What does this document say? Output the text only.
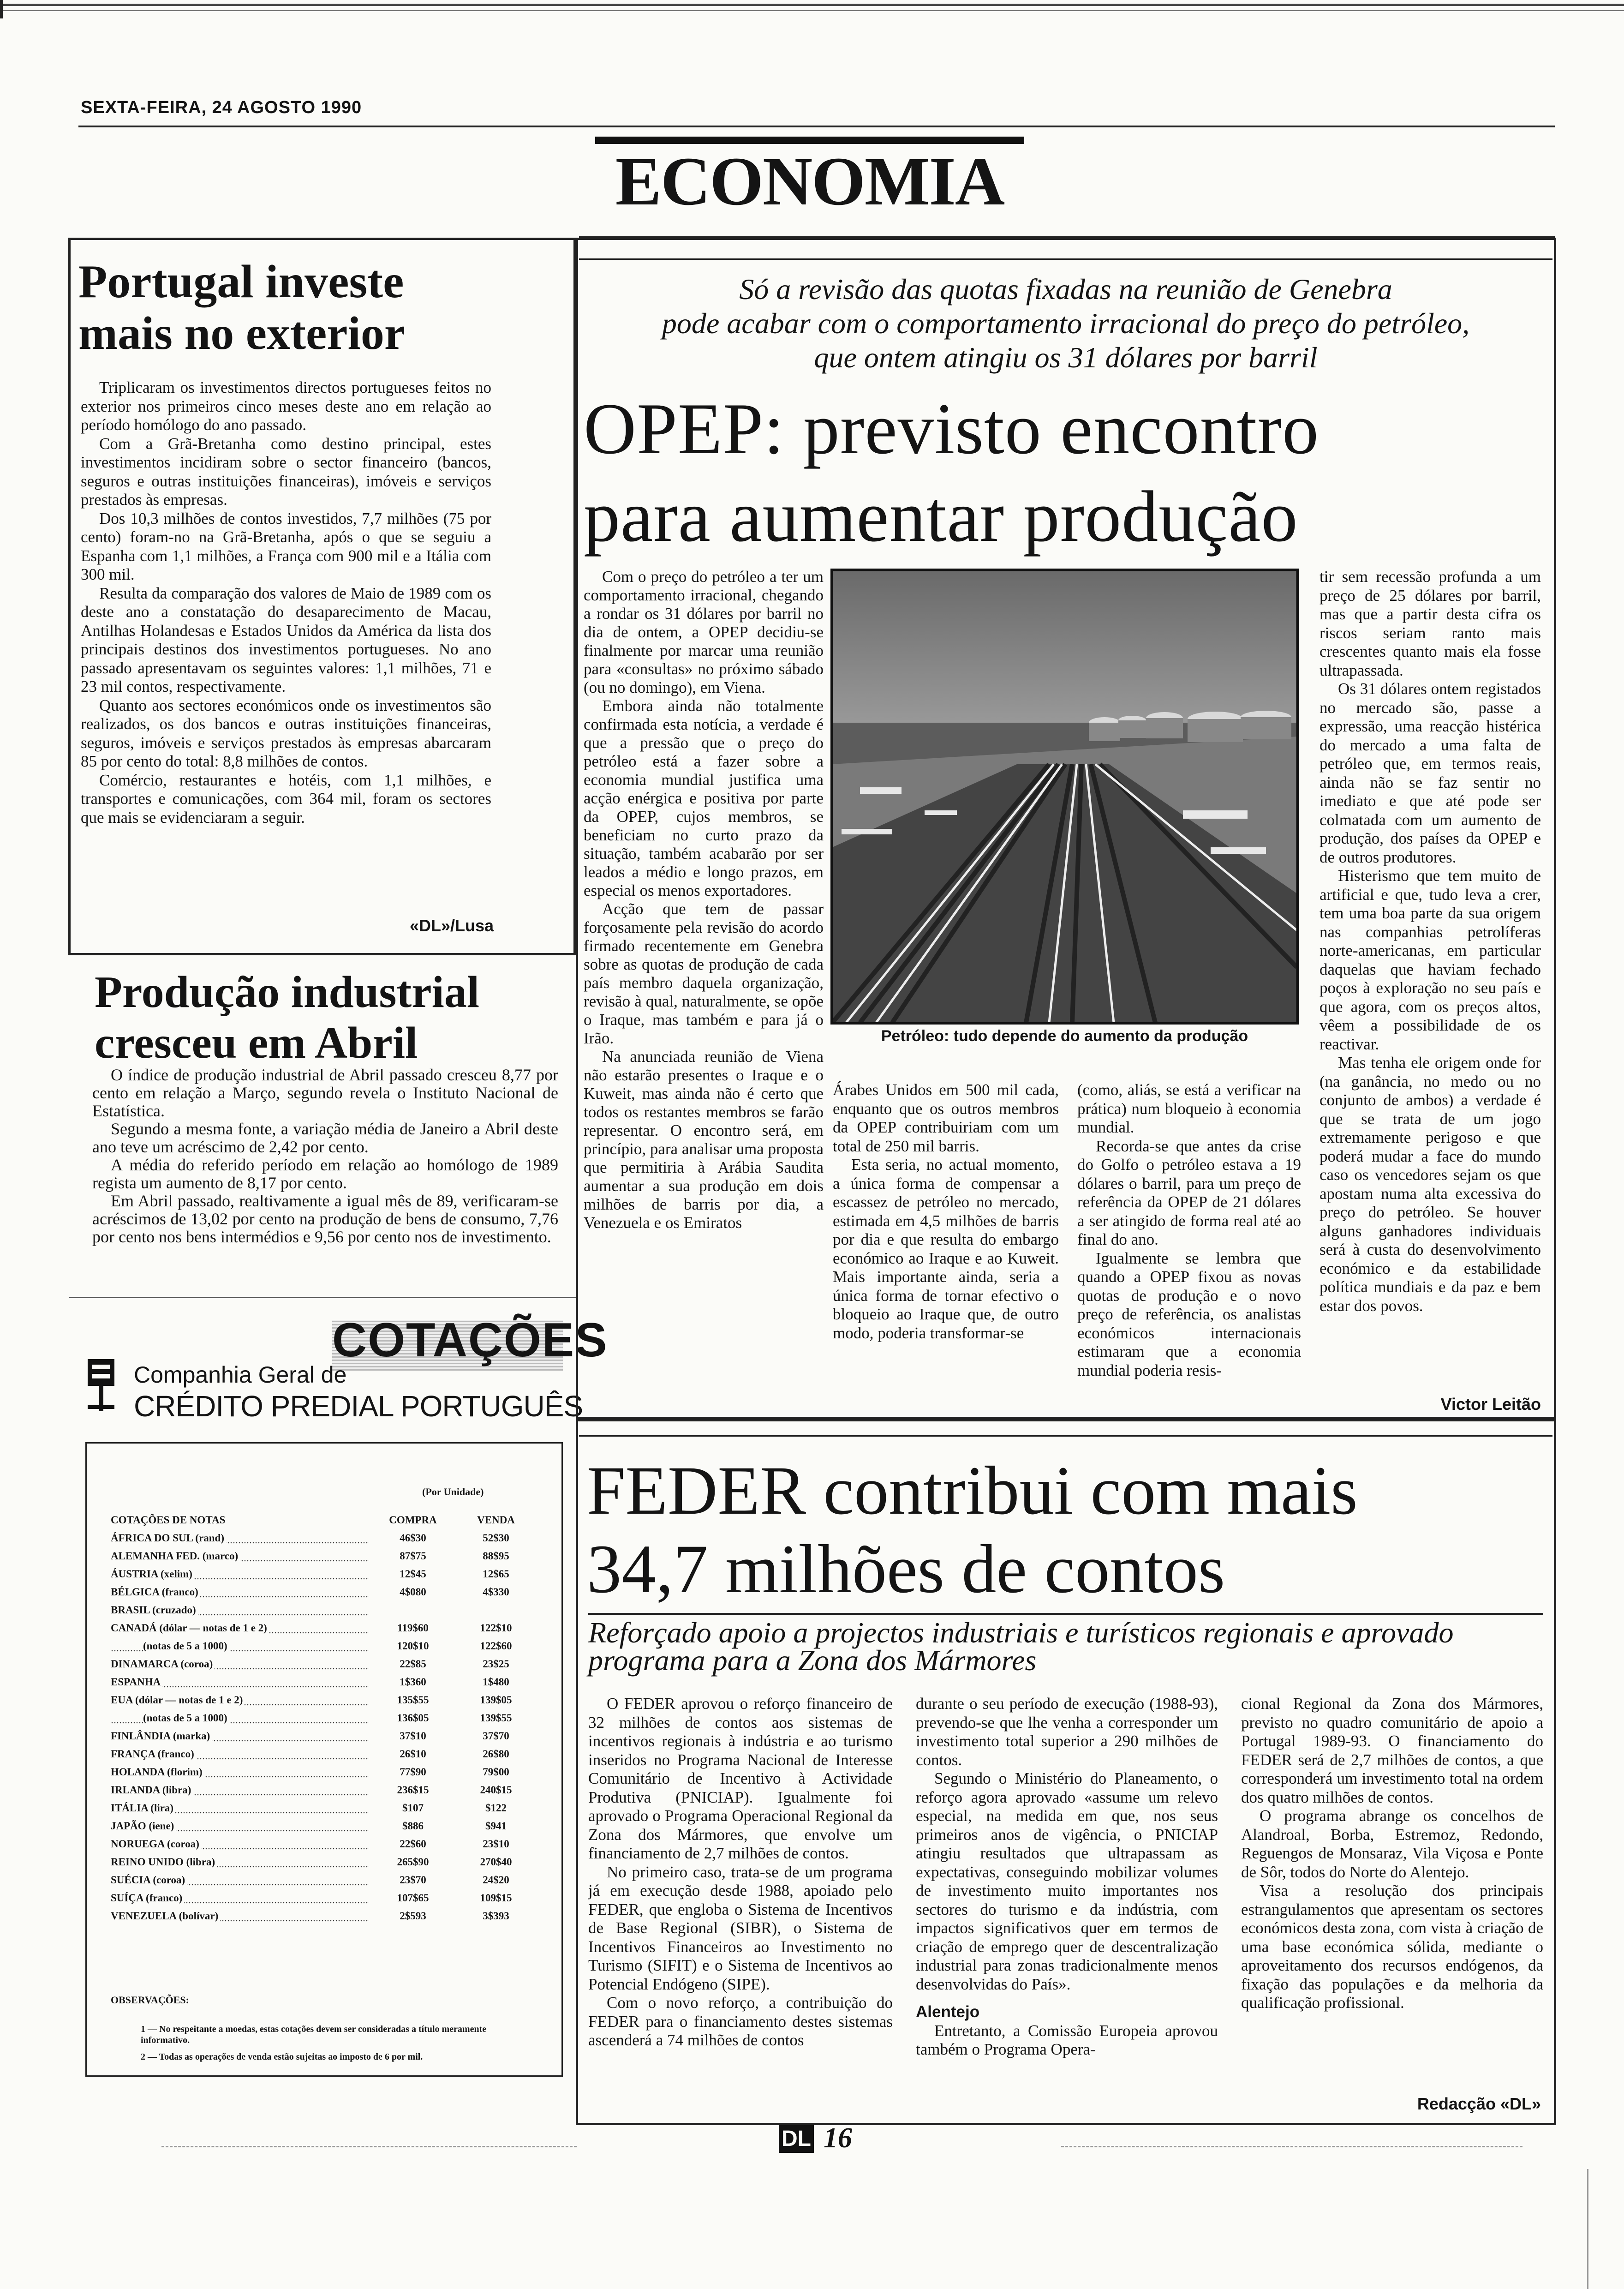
SEXTA-FEIRA, 24 AGOSTO 1990
ECONOMIA
Portugal investe
mais no exterior

Triplicaram os investimentos directos portugueses feitos no exterior nos primeiros cinco meses deste ano em relação ao período homólogo do ano passado.

Com a Grã-Bretanha como destino principal, estes investimentos incidiram sobre o sector financeiro (bancos, seguros e outras instituições financeiras), imóveis e serviços prestados às empresas.

Dos 10,3 milhões de contos investidos, 7,7 milhões (75 por cento) foram-no na Grã-Bretanha, após o que se seguiu a Espanha com 1,1 milhões, a França com 900 mil e a Itália com 300 mil.

Resulta da comparação dos valores de Maio de 1989 com os deste ano a constatação do desaparecimento de Macau, Antilhas Holandesas e Estados Unidos da América da lista dos principais destinos dos investimentos portugueses. No ano passado apresentavam os seguintes valores: 1,1 milhões, 71 e 23 mil contos, respectivamente.

Quanto aos sectores económicos onde os investimentos são realizados, os dos bancos e outras instituições financeiras, seguros, imóveis e serviços prestados às empresas abarcaram 85 por cento do total: 8,8 milhões de contos.

Comércio, restaurantes e hotéis, com 1,1 milhões, e transportes e comunicações, com 364 mil, foram os sectores que mais se evidenciaram a seguir.

«DL»/Lusa
Produção industrial
cresceu em Abril

O índice de produção industrial de Abril passado cresceu 8,77 por cento em relação a Março, segundo revela o Instituto Nacional de Estatística.

Segundo a mesma fonte, a variação média de Janeiro a Abril deste ano teve um acréscimo de 2,42 por cento.

A média do referido período em relação ao homólogo de 1989 regista um aumento de 8,17 por cento.

Em Abril passado, realtivamente a igual mês de 89, verificaram-se acréscimos de 13,02 por cento na produção de bens de consumo, 7,76 por cento nos bens intermédios e 9,56 por cento nos de investimento.

COTAÇÕES
Companhia Geral de
CRÉDITO PREDIAL PORTUGUÊS
(Por Unidade)
COTAÇÕES DE NOTAS	COMPRA	VENDA
ÁFRICA DO SUL (rand)	46$30	52$30
ALEMANHA FED. (marco)	87$75	88$95
ÁUSTRIA (xelim)	12$45	12$65
BÉLGICA (franco)	4$080	4$330
BRASIL (cruzado)		
CANADÁ (dólar — notas de 1 e 2)	119$60	122$10
(notas de 5 a 1000)	120$10	122$60
DINAMARCA (coroa)	22$85	23$25
ESPANHA	1$360	1$480
EUA (dólar — notas de 1 e 2)	135$55	139$05
(notas de 5 a 1000)	136$05	139$55
FINLÂNDIA (marka)	37$10	37$70
FRANÇA (franco)	26$10	26$80
HOLANDA (florim)	77$90	79$00
IRLANDA (libra)	236$15	240$15
ITÁLIA (lira)	$107	$122
JAPÃO (iene)	$886	$941
NORUEGA (coroa)	22$60	23$10
REINO UNIDO (libra)	265$90	270$40
SUÉCIA (coroa)	23$70	24$20
SUÍÇA (franco)	107$65	109$15
VENEZUELA (bolívar)	2$593	3$393
OBSERVAÇÕES:
1 — No respeitante a moedas, estas cotações devem ser consideradas a título meramente informativo.
2 — Todas as operações de venda estão sujeitas ao imposto de 6 por mil.
Só a revisão das quotas fixadas na reunião de Genebra
pode acabar com o comportamento irracional do preço do petróleo,
que ontem atingiu os 31 dólares por barril
OPEP: previsto encontro
para aumentar produção

Com o preço do petróleo a ter um comportamento irracional, chegando a rondar os 31 dólares por barril no dia de ontem, a OPEP decidiu-se finalmente por marcar uma reunião para «consultas» no próximo sábado (ou no domingo), em Viena.

Embora ainda não totalmente confirmada esta notícia, a verdade é que a pressão que o preço do petróleo está a fazer sobre a economia mundial justifica uma acção enérgica e positiva por parte da OPEP, cujos membros, se beneficiam no curto prazo da situação, também acabarão por ser leados a médio e longo prazos, em especial os menos exportadores.

Acção que tem de passar forçosamente pela revisão do acordo firmado recentemente em Genebra sobre as quotas de produção de cada país membro daquela organização, revisão à qual, naturalmente, se opõe o Iraque, mas também e para já o Irão.

Na anunciada reunião de Viena não estarão presentes o Iraque e o Kuweit, mas ainda não é certo que todos os restantes membros se farão representar. O encontro será, em princípio, para analisar uma proposta que permitiria à Arábia Saudita aumentar a sua produção em dois milhões de barris por dia, a Venezuela e os Emiratos

Petróleo: tudo depende do aumento da produção

Árabes Unidos em 500 mil cada, enquanto que os outros membros da OPEP contribuiriam com um total de 250 mil barris.

Esta seria, no actual momento, a única forma de compensar a escassez de petróleo no mercado, estimada em 4,5 milhões de barris por dia e que resulta do embargo económico ao Iraque e ao Kuweit. Mais importante ainda, seria a única forma de tornar efectivo o bloqueio ao Iraque que, de outro modo, poderia transformar-se

(como, aliás, se está a verificar na prática) num bloqueio à economia mundial.

Recorda-se que antes da crise do Golfo o petróleo estava a 19 dólares o barril, para um preço de referência da OPEP de 21 dólares a ser atingido de forma real até ao final do ano.

Igualmente se lembra que quando a OPEP fixou as novas quotas de produção e o novo preço de referência, os analistas económicos internacionais estimaram que a economia mundial poderia resis-

tir sem recessão profunda a um preço de 25 dólares por barril, mas que a partir desta cifra os riscos seriam ranto mais crescentes quanto mais ela fosse ultrapassada.

Os 31 dólares ontem registados no mercado são, passe a expressão, uma reacção histérica do mercado a uma falta de petróleo que, em termos reais, ainda não se faz sentir no imediato e que até pode ser colmatada com um aumento de produção, dos países da OPEP e de outros produtores.

Histerismo que tem muito de artificial e que, tudo leva a crer, tem uma boa parte da sua origem nas companhias petrolíferas norte-americanas, em particular daquelas que haviam fechado poços à exploração no seu país e que agora, com os preços altos, vêem a possibilidade de os reactivar.

Mas tenha ele origem onde for (na ganância, no medo ou no conjunto de ambos) a verdade é que se trata de um jogo extremamente perigoso e que poderá mudar a face do mundo caso os vencedores sejam os que apostam numa alta excessiva do preço do petróleo. Se houver alguns ganhadores individuais será à custa do desenvolvimento económico e da estabilidade política mundiais e da paz e bem estar dos povos.

Victor Leitão
FEDER contribui com mais
34,7 milhões de contos
Reforçado apoio a projectos industriais e turísticos regionais e aprovado
programa para a Zona dos Mármores

O FEDER aprovou o reforço financeiro de 32 milhões de contos aos sistemas de incentivos regionais à indústria e ao turismo inseridos no Programa Nacional de Interesse Comunitário de Incentivo à Actividade Produtiva (PNICIAP). Igualmente foi aprovado o Programa Operacional Regional da Zona dos Mármores, que envolve um financiamento de 2,7 milhões de contos.

No primeiro caso, trata-se de um programa já em execução desde 1988, apoiado pelo FEDER, que engloba o Sistema de Incentivos de Base Regional (SIBR), o Sistema de Incentivos Financeiros ao Investimento no Turismo (SIFIT) e o Sistema de Incentivos ao Potencial Endógeno (SIPE).

Com o novo reforço, a contribuição do FEDER para o financiamento destes sistemas ascenderá a 74 milhões de contos

durante o seu período de execução (1988-93), prevendo-se que lhe venha a corresponder um investimento total superior a 290 milhões de contos.

Segundo o Ministério do Planeamento, o reforço agora aprovado «assume um relevo especial, na medida em que, nos seus primeiros anos de vigência, o PNICIAP atingiu resultados que ultrapassam as expectativas, conseguindo mobilizar volumes de investimento muito importantes nos sectores do turismo e da indústria, com impactos significativos quer em termos de criação de emprego quer de descentralização industrial para zonas tradicionalmente menos desenvolvidas do País».

Alentejo

Entretanto, a Comissão Europeia aprovou também o Programa Opera-

cional Regional da Zona dos Mármores, previsto no quadro comunitário de apoio a Portugal 1989-93. O financiamento do FEDER será de 2,7 milhões de contos, a que corresponderá um investimento total na ordem dos quatro milhões de contos.

O programa abrange os concelhos de Alandroal, Borba, Estremoz, Redondo, Reguengos de Monsaraz, Vila Viçosa e Ponte de Sôr, todos do Norte do Alentejo.

Visa a resolução dos principais estrangulamentos que apresentam os sectores económicos desta zona, com vista à criação de uma base económica sólida, mediante o aproveitamento dos recursos endógenos, da fixação das populações e da melhoria da qualificação profissional.

Redacção «DL»
DL 16
